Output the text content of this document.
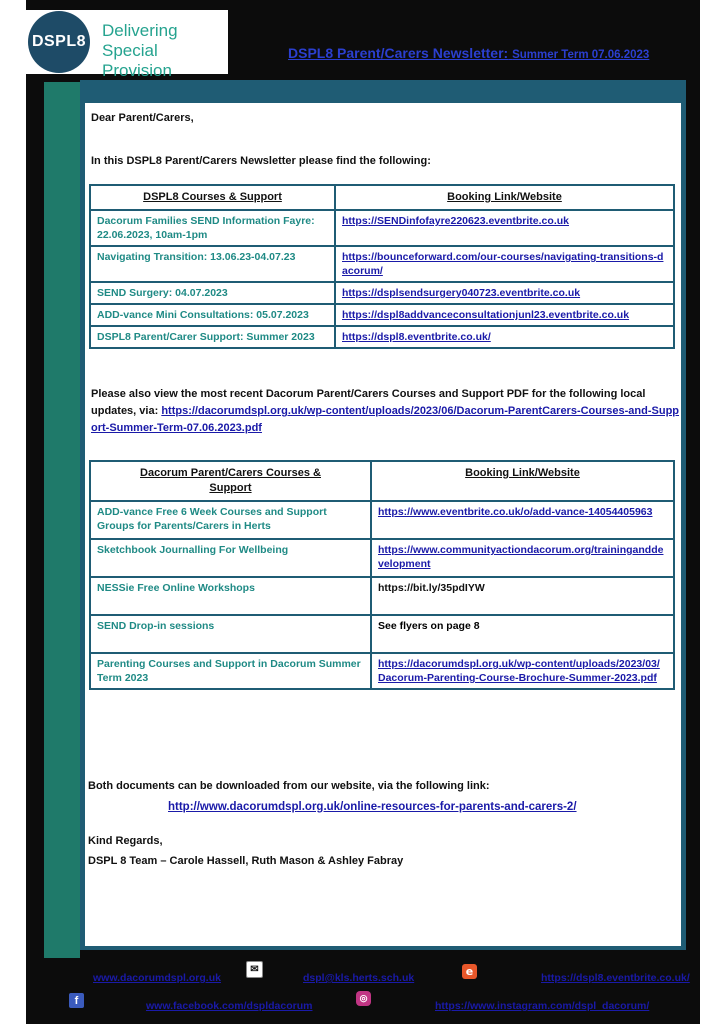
DSPL8
Delivering Special
Provision
DSPL8 Parent/Carers Newsletter: Summer Term 07.06.2023
Dear Parent/Carers,
In this DSPL8 Parent/Carers Newsletter please find the following:
DSPL8 Courses & Support	Booking Link/Website
Dacorum Families SEND Information Fayre: 22.06.2023, 10am-1pm	https://SENDinfofayre220623.eventbrite.co.uk
Navigating Transition: 13.06.23-04.07.23	https://bounceforward.com/our-courses/navigating-transitions-dacorum/
SEND Surgery: 04.07.2023	https://dsplsendsurgery040723.eventbrite.co.uk
ADD-vance Mini Consultations: 05.07.2023	https://dspl8addvanceconsultationjunl23.eventbrite.co.uk
DSPL8 Parent/Carer Support: Summer 2023	https://dspl8.eventbrite.co.uk/
Please also view the most recent Dacorum Parent/Carers Courses and Support PDF for the following local updates, via: https://dacorumdspl.org.uk/wp-content/uploads/2023/06/Dacorum-ParentCarers-Courses-and-Support-Summer-Term-07.06.2023.pdf
Dacorum Parent/Carers Courses & Support	Booking Link/Website
ADD-vance Free 6 Week Courses and Support Groups for Parents/Carers in Herts	https://www.eventbrite.co.uk/o/add-vance-14054405963
Sketchbook Journalling For Wellbeing	https://www.communityactiondacorum.org/traininganddevelopment
NESSie Free Online Workshops	https://bit.ly/35pdIYW
SEND Drop-in sessions	See flyers on page 8
Parenting Courses and Support in Dacorum Summer Term 2023	https://dacorumdspl.org.uk/wp-content/uploads/2023/03/Dacorum-Parenting-Course-Brochure-Summer-2023.pdf
Both documents can be downloaded from our website, via the following link:
http://www.dacorumdspl.org.uk/online-resources-for-parents-and-carers-2/
Kind Regards,
DSPL 8 Team – Carole Hassell, Ruth Mason & Ashley Fabray
www.dacorumdspl.org.uk
✉
dspl@kls.herts.sch.uk	e	https://dspl8.eventbrite.co.uk/
f	www.facebook.com/dspldacorum
◎
https://www.instagram.com/dspl_dacorum/
